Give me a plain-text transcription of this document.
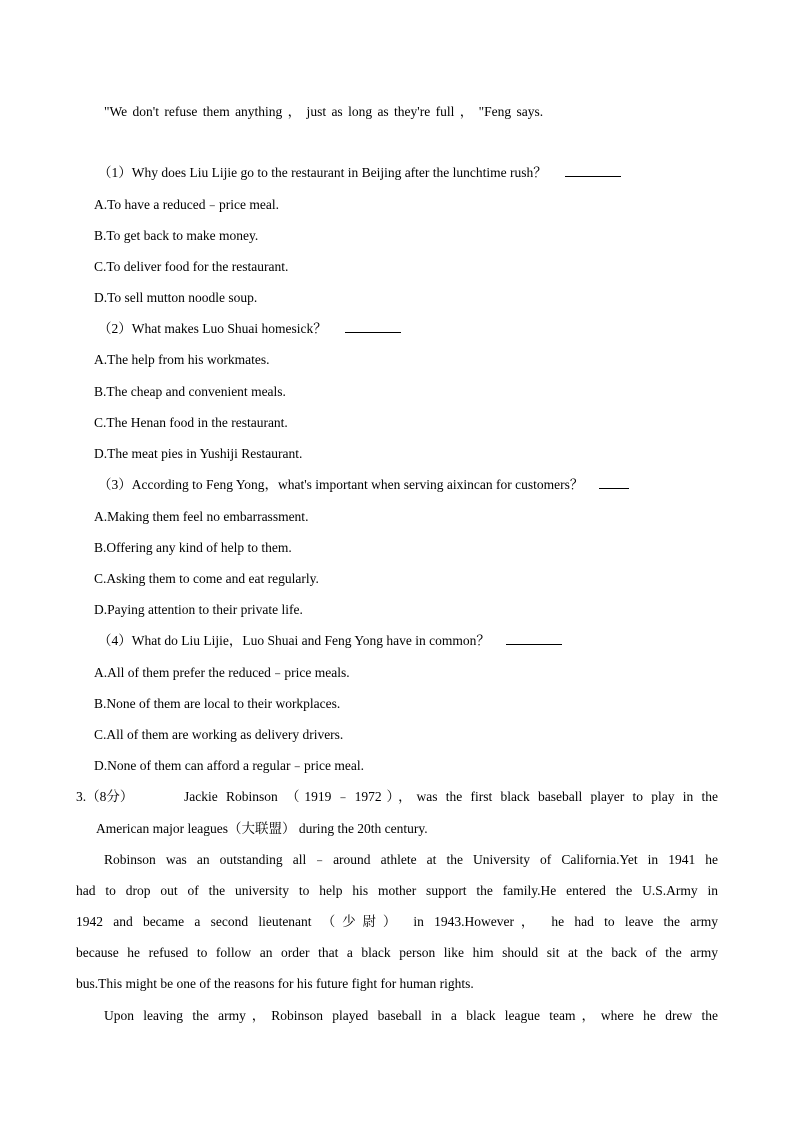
"We don't refuse them anything ， just as long as they're full ， "Feng says.
（1）Why does Liu Lijie go to the restaurant in Beijing after the lunchtime rush？
A.To have a reduced﹣price meal.
B.To get back to make money.
C.To deliver food for the restaurant.
D.To sell mutton noodle soup.
（2）What makes Luo Shuai homesick？
A.The help from his workmates.
B.The cheap and convenient meals.
C.The Henan food in the restaurant.
D.The meat pies in Yushiji Restaurant.
（3）According to Feng Yong，what's important when serving aixincan for customers？
A.Making them feel no embarrassment.
B.Offering any kind of help to them.
C.Asking them to come and eat regularly.
D.Paying attention to their private life.
（4）What do Liu Lijie，Luo Shuai and Feng Yong have in common？
A.All of them prefer the reduced﹣price meals.
B.None of them are local to their workplaces.
C.All of them are working as delivery drivers.
D.None of them can afford a regular﹣price meal.
3.（8分）	Jackie Robinson （1919﹣1972），was the first black baseball player to play in the
American major leagues（大联盟） during the 20th century.
Robinson was an outstanding all﹣around athlete at the University of California.Yet in 1941 he
had to drop out of the university to help his mother support the family.He entered the U.S.Army in
1942 and became a second lieutenant （少尉） in 1943.However， he had to leave the army
because he refused to follow an order that a black person like him should sit at the back of the army
bus.This might be one of the reasons for his future fight for human rights.
Upon leaving the army，Robinson played baseball in a black league team，where he drew the
